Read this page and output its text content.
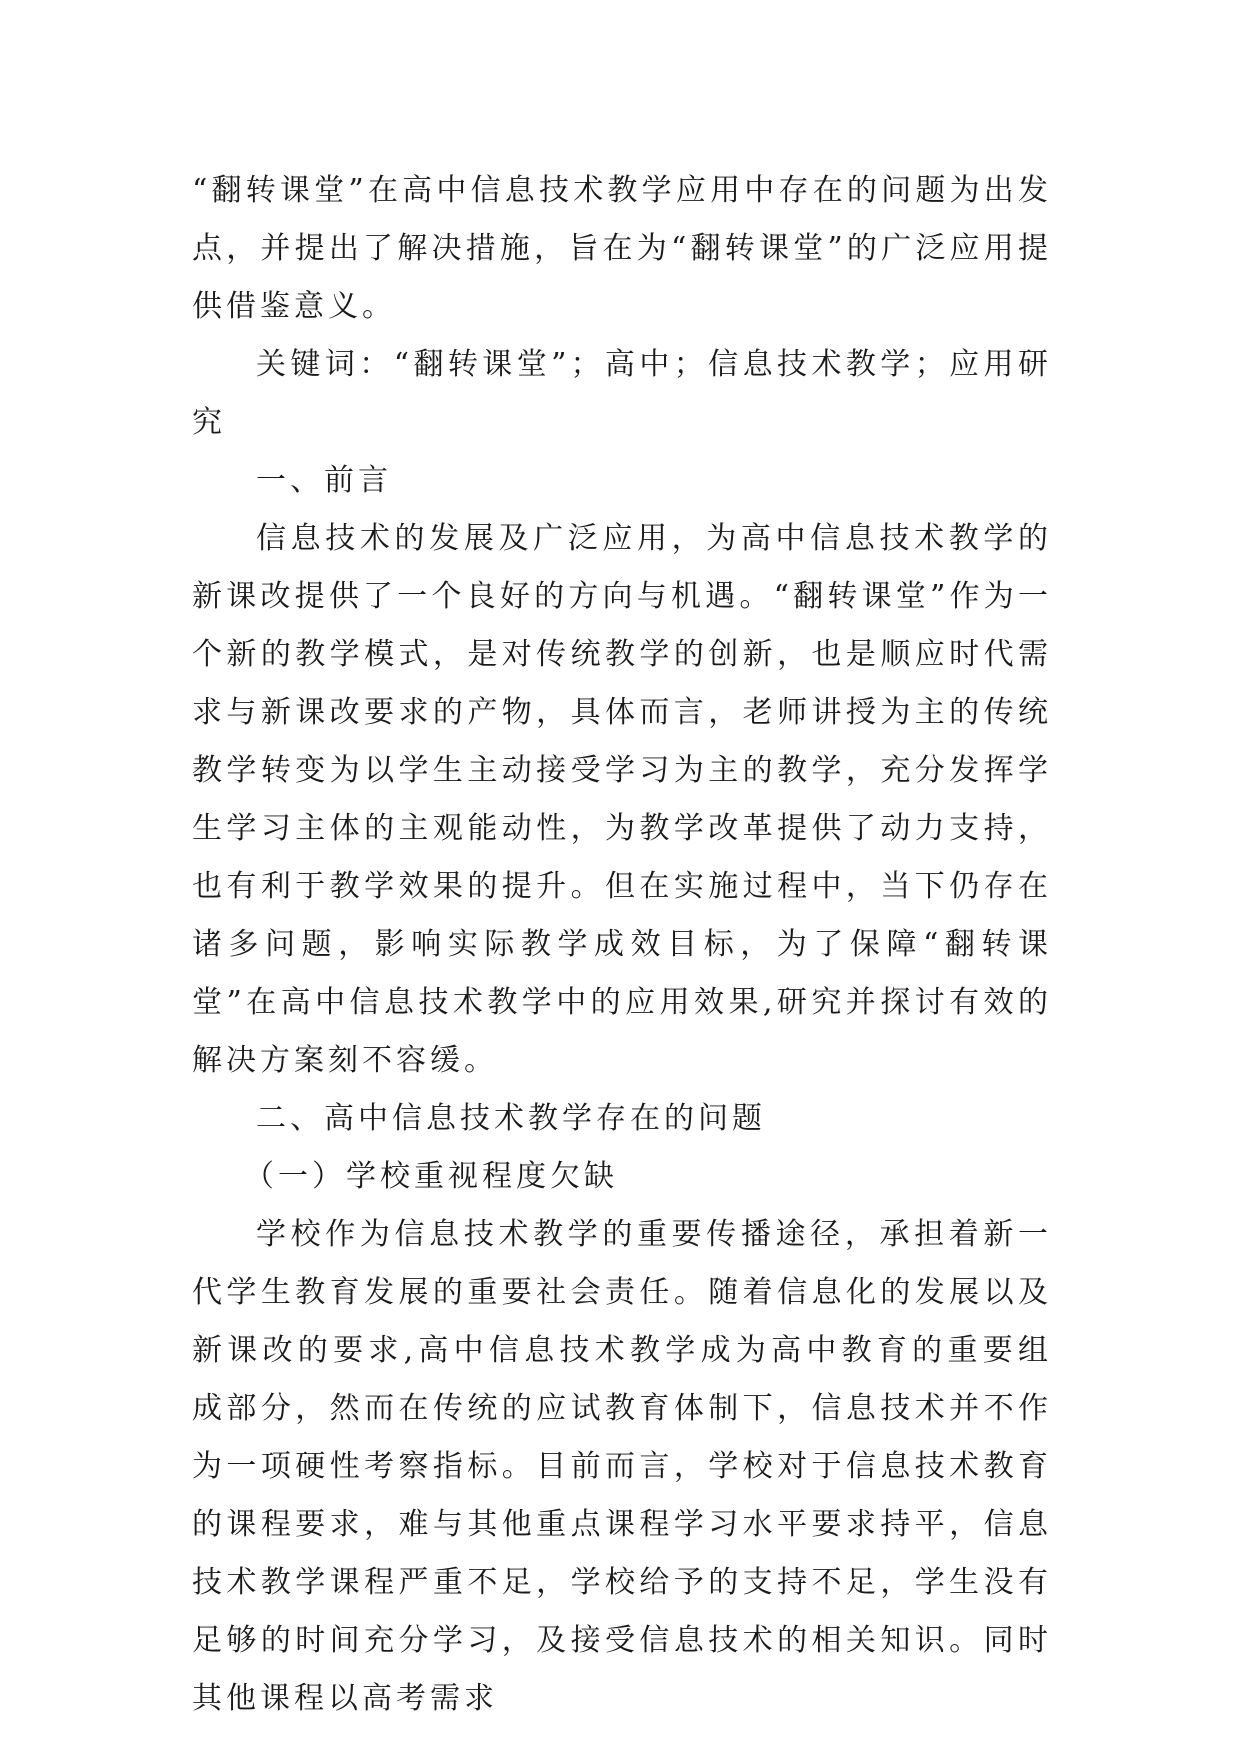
“翻转课堂”在高中信息技术教学应用中存在的问题为出发点，并提出了解决措施，旨在为“翻转课堂”的广泛应用提供借鉴意义。

关键词：“翻转课堂”；高中；信息技术教学；应用研究

一、前言

信息技术的发展及广泛应用，为高中信息技术教学的新课改提供了一个良好的方向与机遇。“翻转课堂”作为一个新的教学模式，是对传统教学的创新，也是顺应时代需求与新课改要求的产物，具体而言，老师讲授为主的传统教学转变为以学生主动接受学习为主的教学，充分发挥学生学习主体的主观能动性，为教学改革提供了动力支持，也有利于教学效果的提升。但在实施过程中，当下仍存在诸多问题，影响实际教学成效目标，为了保障“翻转课堂”在高中信息技术教学中的应用效果,研究并探讨有效的解决方案刻不容缓。

二、高中信息技术教学存在的问题

（一）学校重视程度欠缺

学校作为信息技术教学的重要传播途径，承担着新一代学生教育发展的重要社会责任。随着信息化的发展以及新课改的要求,高中信息技术教学成为高中教育的重要组成部分，然而在传统的应试教育体制下，信息技术并不作为一项硬性考察指标。目前而言，学校对于信息技术教育的课程要求，难与其他重点课程学习水平要求持平，信息技术教学课程严重不足，学校给予的支持不足，学生没有足够的时间充分学习，及接受信息技术的相关知识。同时其他课程以高考需求
